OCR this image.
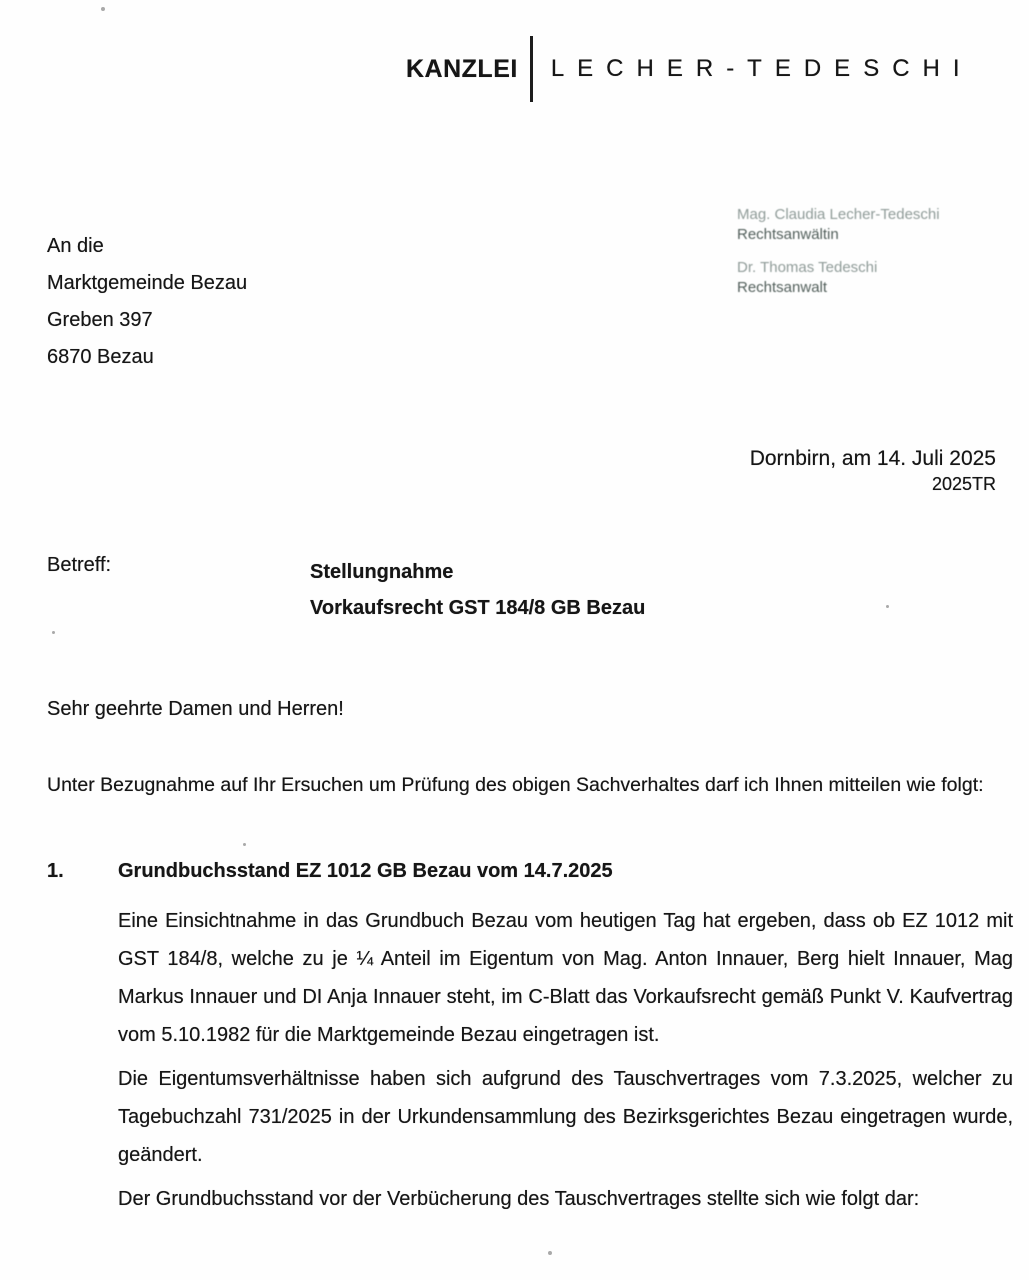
KANZLEI LECHER-TEDESCHI
An die
Marktgemeinde Bezau
Greben 397
6870 Bezau
Mag. Claudia Lecher-Tedeschi
Rechtsanwältin
Dr. Thomas Tedeschi
Rechtsanwalt
Dornbirn, am 14. Juli 2025
2025TR
Betreff:	Stellungnahme
Vorkaufsrecht GST 184/8 GB Bezau
Sehr geehrte Damen und Herren!
Unter Bezugnahme auf Ihr Ersuchen um Prüfung des obigen Sachverhaltes darf ich Ihnen mitteilen wie folgt:
1.	Grundbuchsstand EZ 1012 GB Bezau vom 14.7.2025

Eine Einsichtnahme in das Grundbuch Bezau vom heutigen Tag hat ergeben, dass ob EZ 1012 mit GST 184/8, welche zu je ¼ Anteil im Eigentum von Mag. Anton Innauer, Berg hielt Innauer, Mag Markus Innauer und DI Anja Innauer steht, im C-Blatt das Vorkaufsrecht gemäß Punkt V. Kaufvertrag vom 5.10.1982 für die Marktgemeinde Bezau eingetragen ist.

Die Eigentumsverhältnisse haben sich aufgrund des Tauschvertrages vom 7.3.2025, welcher zu Tagebuchzahl 731/2025 in der Urkundensammlung des Bezirksgerichtes Bezau eingetragen wurde, geändert.

Der Grundbuchsstand vor der Verbücherung des Tauschvertrages stellte sich wie folgt dar:
